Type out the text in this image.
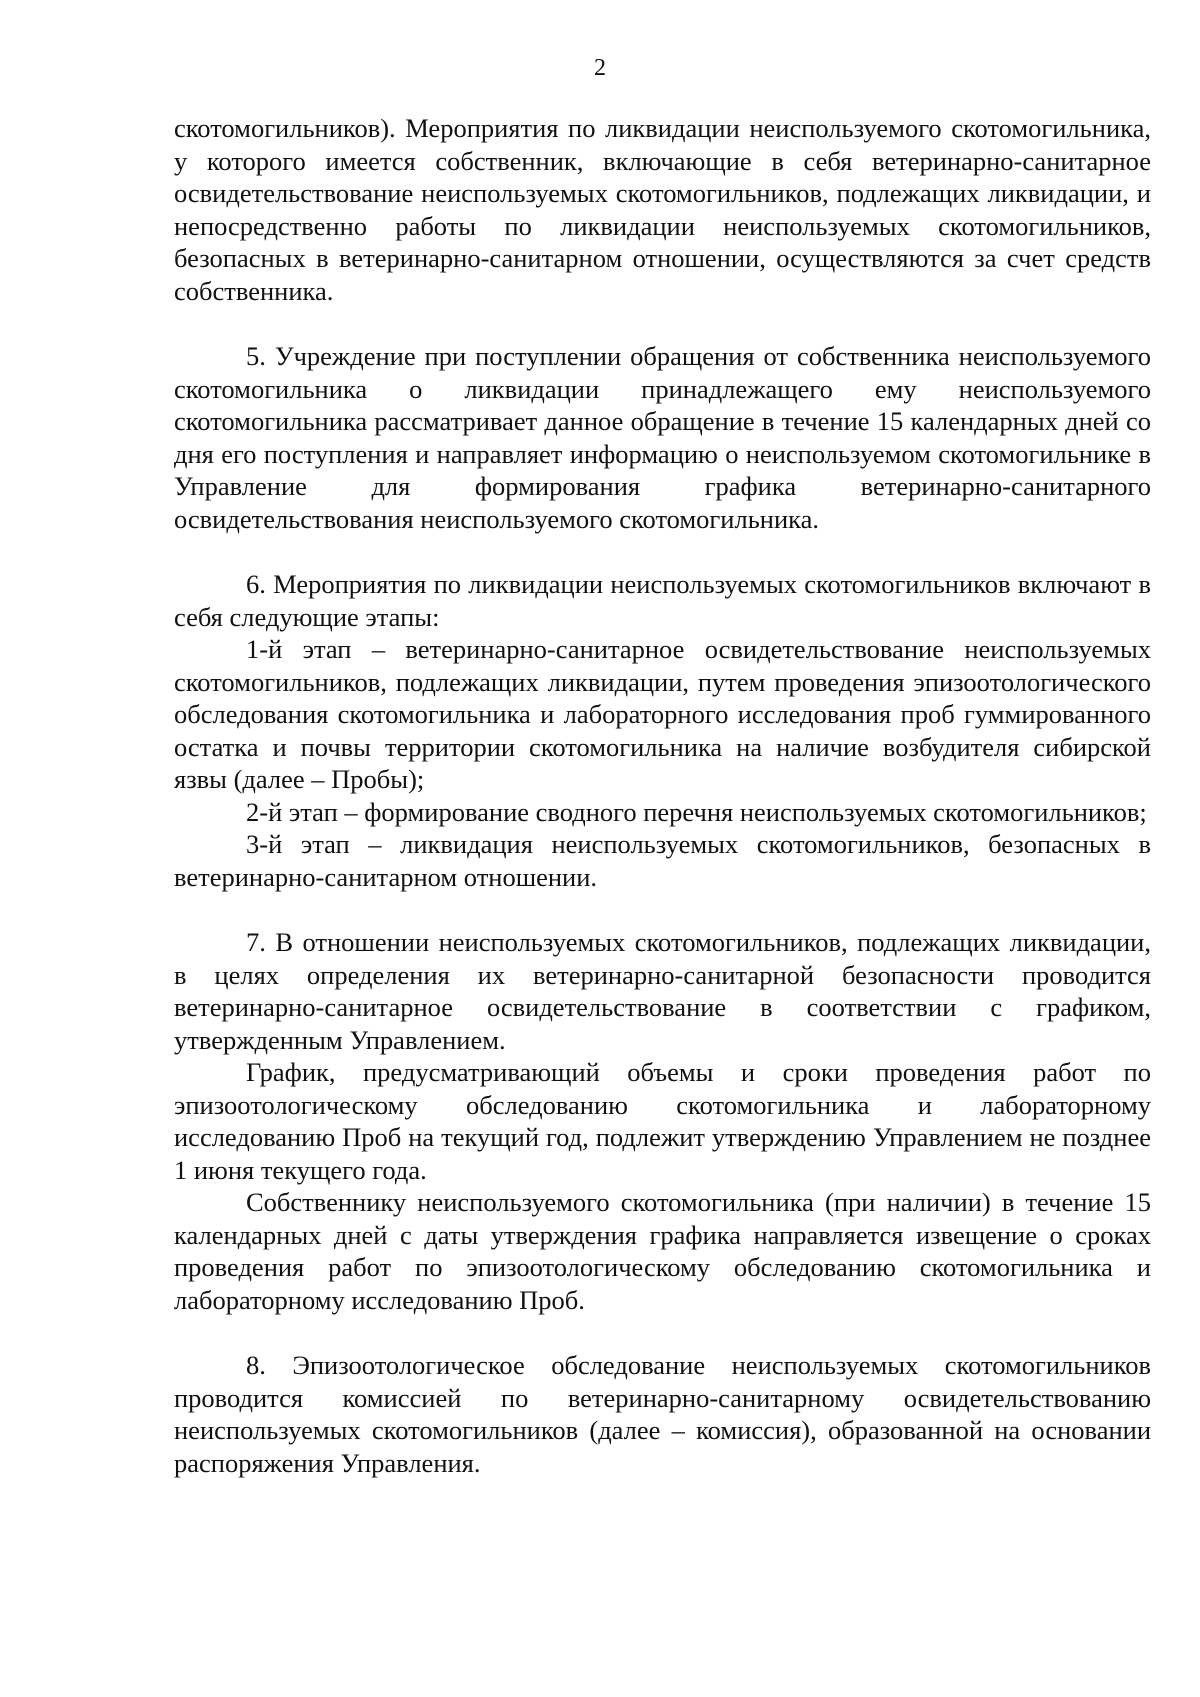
2

скотомогильников). Мероприятия по ликвидации неиспользуемого скотомогильника, у которого имеется собственник, включающие в себя ветеринарно-санитарное освидетельствование неиспользуемых скотомогильников, подлежащих ликвидации, и непосредственно работы по ликвидации неиспользуемых скотомогильников, безопасных в ветеринарно-санитарном отношении, осуществляются за счет средств собственника.

5. Учреждение при поступлении обращения от собственника неиспользуемого скотомогильника о ликвидации принадлежащего ему неиспользуемого скотомогильника рассматривает данное обращение в течение 15 календарных дней со дня его поступления и направляет информацию о неиспользуемом скотомогильнике в Управление для формирования графика ветеринарно-санитарного освидетельствования неиспользуемого скотомогильника.

6. Мероприятия по ликвидации неиспользуемых скотомогильников включают в себя следующие этапы:

1-й этап – ветеринарно-санитарное освидетельствование неиспользуемых скотомогильников, подлежащих ликвидации, путем проведения эпизоотологического обследования скотомогильника и лабораторного исследования проб гуммированного остатка и почвы территории скотомогильника на наличие возбудителя сибирской язвы (далее – Пробы);

2-й этап – формирование сводного перечня неиспользуемых скотомогильников;

3-й этап – ликвидация неиспользуемых скотомогильников, безопасных в ветеринарно-санитарном отношении.

7. В отношении неиспользуемых скотомогильников, подлежащих ликвидации, в целях определения их ветеринарно-санитарной безопасности проводится ветеринарно-санитарное освидетельствование в соответствии с графиком, утвержденным Управлением.

График, предусматривающий объемы и сроки проведения работ по эпизоотологическому обследованию скотомогильника и лабораторному исследованию Проб на текущий год, подлежит утверждению Управлением не позднее 1 июня текущего года.

Собственнику неиспользуемого скотомогильника (при наличии) в течение 15 календарных дней с даты утверждения графика направляется извещение о сроках проведения работ по эпизоотологическому обследованию скотомогильника и лабораторному исследованию Проб.

8. Эпизоотологическое обследование неиспользуемых скотомогильников проводится комиссией по ветеринарно-санитарному освидетельствованию неиспользуемых скотомогильников (далее – комиссия), образованной на основании распоряжения Управления.
